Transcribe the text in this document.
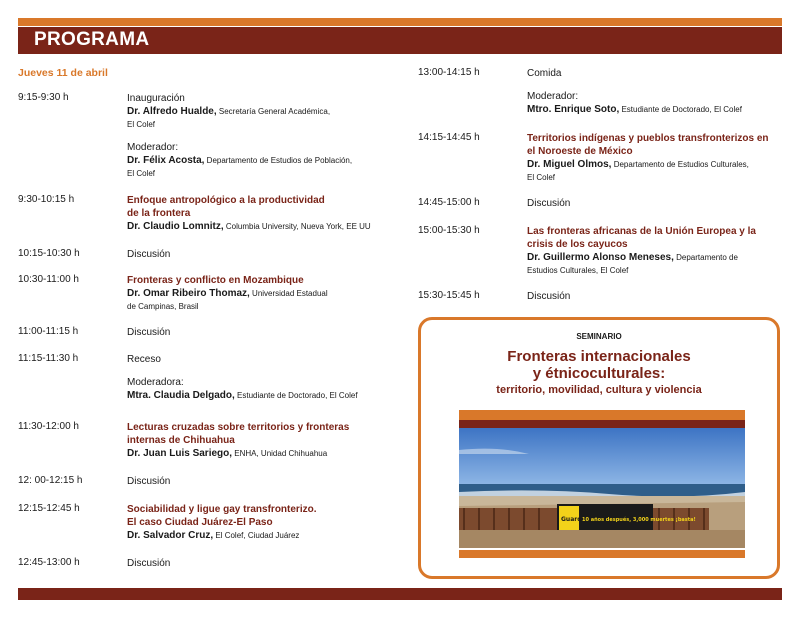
PROGRAMA
Jueves 11 de abril
9:15-9:30 h	Inauguración
Dr. Alfredo Hualde, Secretaría General Académica,
El Colef
Moderador:
Dr. Félix Acosta, Departamento de Estudios de Población,
El Colef
9:30-10:15 h	Enfoque antropológico a la productividad
de la frontera
Dr. Claudio Lomnitz, Columbia University, Nueva York, EE UU
10:15-10:30 h	Discusión
10:30-11:00 h	Fronteras y conflicto en Mozambique
Dr. Omar Ribeiro Thomaz, Universidad Estadual
de Campinas, Brasil
11:00-11:15 h	Discusión
11:15-11:30 h	Receso
Moderadora:
Mtra. Claudia Delgado, Estudiante de Doctorado, El Colef
11:30-12:00 h	Lecturas cruzadas sobre territorios y fronteras
internas de Chihuahua
Dr. Juan Luis Sariego, ENHA, Unidad Chihuahua
12: 00-12:15 h	Discusión
12:15-12:45 h	Sociabilidad y ligue gay transfronterizo.
El caso Ciudad Juárez-El Paso
Dr. Salvador Cruz, El Colef, Ciudad Juárez
12:45-13:00 h	Discusión
13:00-14:15 h	Comida
Moderador:
Mtro. Enrique Soto, Estudiante de Doctorado, El Colef
14:15-14:45 h	Territorios indígenas y pueblos transfronterizos en
el Noroeste de México
Dr. Miguel Olmos, Departamento de Estudios Culturales,
El Colef
14:45-15:00 h	Discusión
15:00-15:30 h	Las fronteras africanas de la Unión Europea y la
crisis de los cayucos
Dr. Guillermo Alonso Meneses, Departamento de
Estudios Culturales, El Colef
15:30-15:45 h	Discusión
SEMINARIO
Fronteras internacionales
y étnicoculturales:
territorio, movilidad, cultura y violencia
Guardián
10 años después, 3,000 muertes ¡basta!
